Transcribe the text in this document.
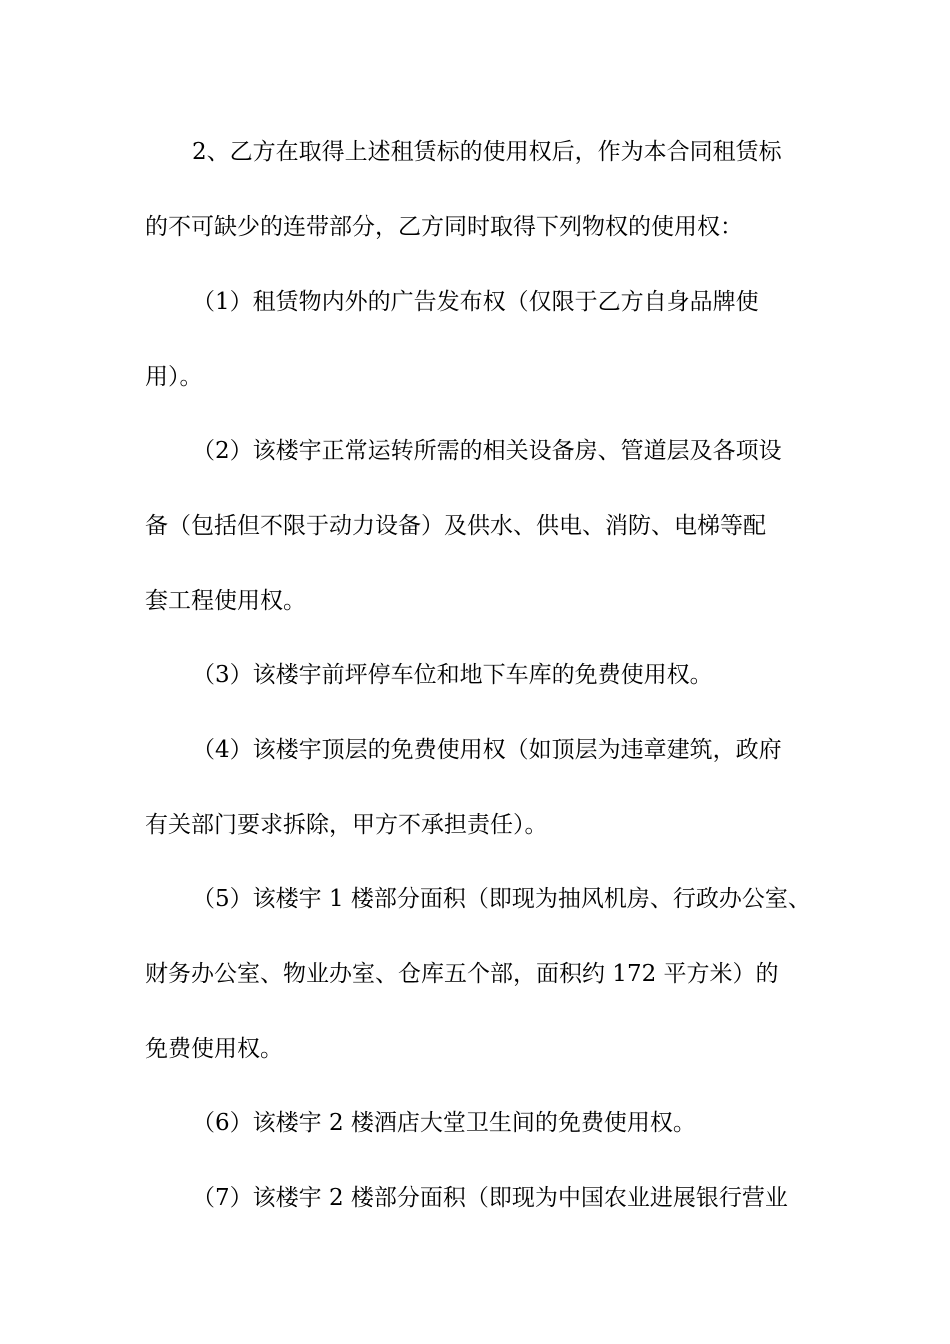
2、乙方在取得上述租赁标的使用权后，作为本合同租赁标
的不可缺少的连带部分，乙方同时取得下列物权的使用权：
（1）租赁物内外的广告发布权（仅限于乙方自身品牌使
用）。
（2）该楼宇正常运转所需的相关设备房、管道层及各项设
备（包括但不限于动力设备）及供水、供电、消防、电梯等配
套工程使用权。
（3）该楼宇前坪停车位和地下车库的免费使用权。
（4）该楼宇顶层的免费使用权（如顶层为违章建筑，政府
有关部门要求拆除，甲方不承担责任）。
（5）该楼宇 1 楼部分面积（即现为抽风机房、行政办公室、
财务办公室、物业办室、仓库五个部，面积约 172 平方米）的
免费使用权。
（6）该楼宇 2 楼酒店大堂卫生间的免费使用权。
（7）该楼宇 2 楼部分面积（即现为中国农业进展银行营业
